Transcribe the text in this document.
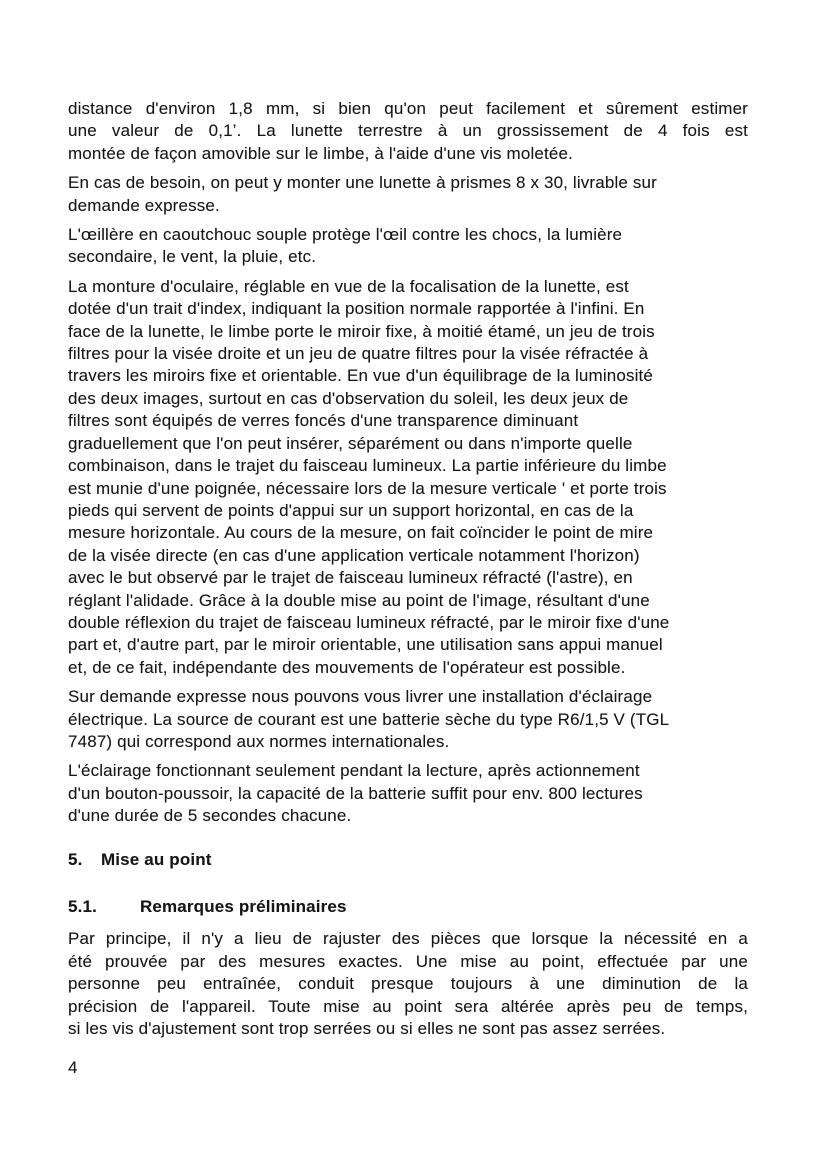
distance d'environ 1,8 mm, si bien qu'on peut facilement et sûrement estimer
une valeur de 0,1’. La lunette terrestre à un grossissement de 4 fois est
montée de façon amovible sur le limbe, à l'aide d'une vis moletée.
En cas de besoin, on peut y monter une lunette à prismes 8 x 30, livrable sur
demande expresse.
L'œillère en caoutchouc souple protège l'œil contre les chocs, la lumière
secondaire, le vent, la pluie, etc.
La monture d'oculaire, réglable en vue de la focalisation de la lunette, est
dotée d'un trait d'index, indiquant la position normale rapportée à l'infini. En
face de la lunette, le limbe porte le miroir fixe, à moitié étamé, un jeu de trois
filtres pour la visée droite et un jeu de quatre filtres pour la visée réfractée à
travers les miroirs fixe et orientable. En vue d'un équilibrage de la luminosité
des deux images, surtout en cas d'observation du soleil, les deux jeux de
filtres sont équipés de verres foncés d'une transparence diminuant
graduellement que l'on peut insérer, séparément ou dans n'importe quelle
combinaison, dans le trajet du faisceau lumineux. La partie inférieure du limbe
est munie d'une poignée, nécessaire lors de la mesure verticale ' et porte trois
pieds qui servent de points d'appui sur un support horizontal, en cas de la
mesure horizontale. Au cours de la mesure, on fait coïncider le point de mire
de la visée directe (en cas d'une application verticale notamment l'horizon)
avec le but observé par le trajet de faisceau lumineux réfracté (l'astre), en
réglant l'alidade. Grâce à la double mise au point de l'image, résultant d'une
double réflexion du trajet de faisceau lumineux réfracté, par le miroir fixe d'une
part et, d'autre part, par le miroir orientable, une utilisation sans appui manuel
et, de ce fait, indépendante des mouvements de l'opérateur est possible.
Sur demande expresse nous pouvons vous livrer une installation d'éclairage
électrique. La source de courant est une batterie sèche du type R6/1,5 V (TGL
7487) qui correspond aux normes internationales.
L'éclairage fonctionnant seulement pendant la lecture, après actionnement
d'un bouton-poussoir, la capacité de la batterie suffit pour env. 800 lectures
d'une durée de 5 secondes chacune.
5. Mise au point
5.1.	Remarques préliminaires
Par principe, il n'y a lieu de rajuster des pièces que lorsque la nécessité en a
été prouvée par des mesures exactes. Une mise au point, effectuée par une
personne peu entraînée, conduit presque toujours à une diminution de la
précision de l'appareil. Toute mise au point sera altérée après peu de temps,
si les vis d'ajustement sont trop serrées ou si elles ne sont pas assez serrées.
4
